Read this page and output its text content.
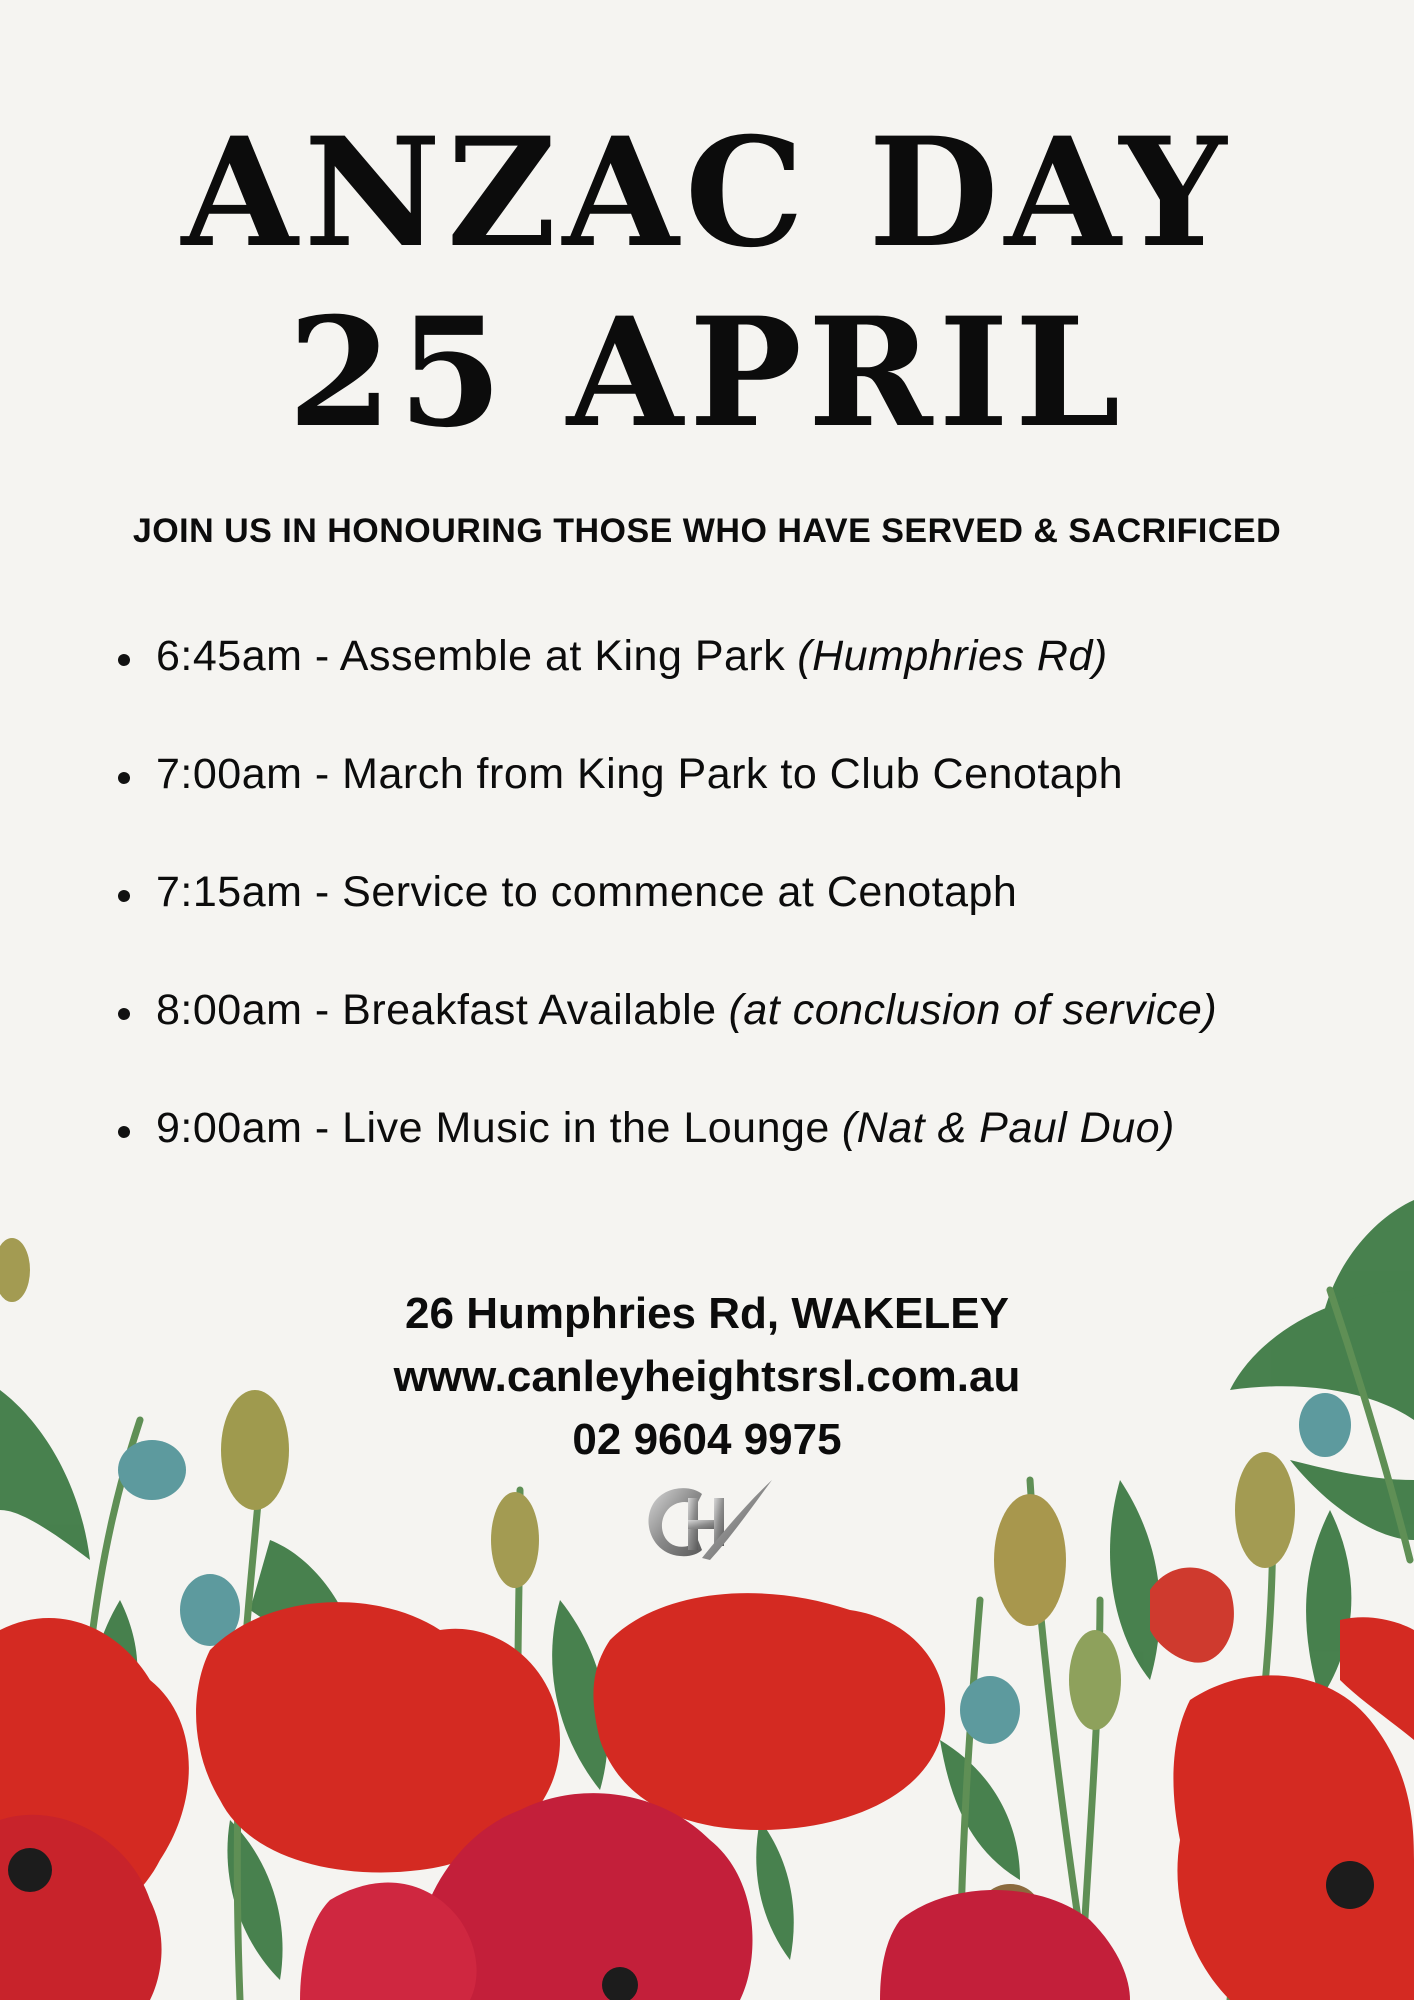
ANZAC DAY
25 APRIL
JOIN US IN HONOURING THOSE WHO HAVE SERVED & SACRIFICED
6:45am - Assemble at King Park (Humphries Rd)
7:00am - March from King Park to Club Cenotaph
7:15am - Service to commence at Cenotaph
8:00am - Breakfast Available (at conclusion of service)
9:00am - Live Music in the Lounge (Nat & Paul Duo)
26 Humphries Rd, WAKELEY
www.canleyheightsrsl.com.au
02 9604 9975
